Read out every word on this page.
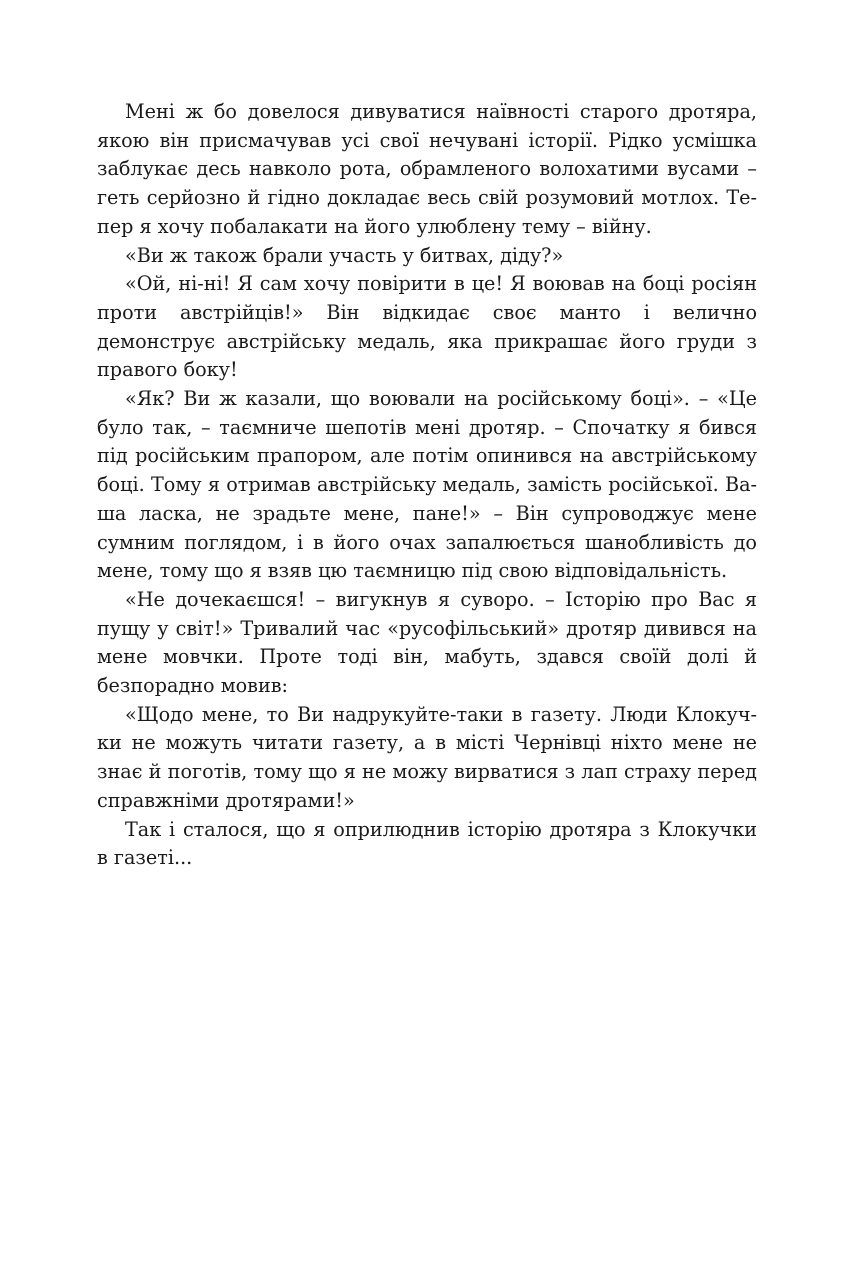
Мені ж бо довелося дивуватися наївності старого дротяра, якою він присмачував усі свої нечувані історії. Рідко усмішка заблукає десь навколо рота, обрамленого волохатими вусами – геть серйозно й гідно докладає весь свій розумовий мотлох. Тепер я хочу побалакати на його улюблену тему – війну.

«Ви ж також брали участь у битвах, діду?»

«Ой, ні-ні! Я сам хочу повірити в це! Я воював на боці росіян проти австрійців!» Він відкидає своє манто і велично демонструє австрійську медаль, яка прикрашає його груди з правого боку!

«Як? Ви ж казали, що воювали на російському боці». – «Це було так, – таємниче шепотів мені дротяр. – Спочатку я бився під російським прапором, але потім опинився на австрійському боці. Тому я отримав австрійську медаль, замість російської. Ваша ласка, не зрадьте мене, пане!» – Він супроводжує мене сумним поглядом, і в його очах запалюється шанобливість до мене, тому що я взяв цю таємницю під свою відповідальність.

«Не дочекаєшся! – вигукнув я суворо. – Історію про Вас я пущу у світ!» Тривалий час «русофільський» дротяр дивився на мене мовчки. Проте тоді він, мабуть, здався своїй долі й безпорадно мовив:

«Щодо мене, то Ви надрукуйте-таки в газету. Люди Клокучки не можуть читати газету, а в місті Чернівці ніхто мене не знає й поготів, тому що я не можу вирватися з лап страху перед справжніми дротярами!»

Так і сталося, що я оприлюднив історію дротяра з Клокучки в газеті...
